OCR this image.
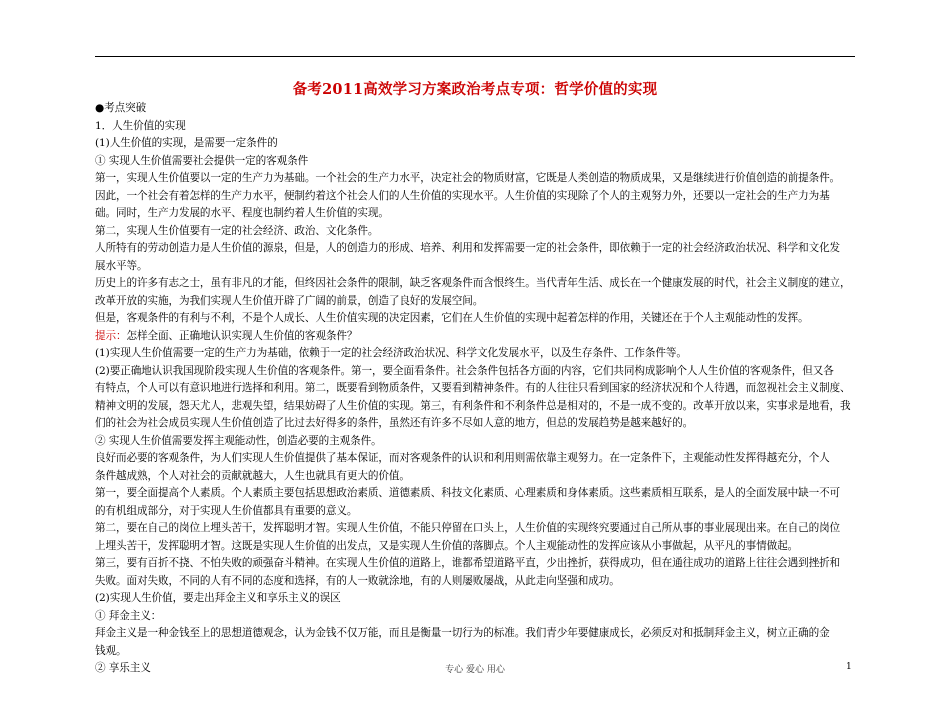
备考2011高效学习方案政治考点专项：哲学价值的实现
●考点突破
1．人生价值的实现
(1)人生价值的实现，是需要一定条件的
① 实现人生价值需要社会提供一定的客观条件
第一，实现人生价值要以一定的生产力为基础。一个社会的生产力水平，决定社会的物质财富，它既是人类创造的物质成果，又是继续进行价值创造的前提条件。
因此，一个社会有着怎样的生产力水平，便制约着这个社会人们的人生价值的实现水平。人生价值的实现除了个人的主观努力外，还要以一定社会的生产力为基
础。同时，生产力发展的水平、程度也制约着人生价值的实现。
第二，实现人生价值要有一定的社会经济、政治、文化条件。
人所特有的劳动创造力是人生价值的源泉，但是，人的创造力的形成、培养、利用和发挥需要一定的社会条件，即依赖于一定的社会经济政治状况、科学和文化发
展水平等。
历史上的许多有志之士，虽有非凡的才能，但终因社会条件的限制，缺乏客观条件而含恨终生。当代青年生活、成长在一个健康发展的时代，社会主义制度的建立，
改革开放的实施，为我们实现人生价值开辟了广阔的前景，创造了良好的发展空间。
但是，客观条件的有利与不利，不是个人成长、人生价值实现的决定因素，它们在人生价值的实现中起着怎样的作用，关键还在于个人主观能动性的发挥。
提示：怎样全面、正确地认识实现人生价值的客观条件？
(1)实现人生价值需要一定的生产力为基础，依赖于一定的社会经济政治状况、科学文化发展水平，以及生存条件、工作条件等。
(2)要正确地认识我国现阶段实现人生价值的客观条件。第一，要全面看条件。社会条件包括各方面的内容，它们共同构成影响个人人生价值的客观条件，但又各
有特点，个人可以有意识地进行选择和利用。第二，既要看到物质条件，又要看到精神条件。有的人往往只看到国家的经济状况和个人待遇，而忽视社会主义制度、
精神文明的发展，怨天尤人，悲观失望，结果妨碍了人生价值的实现。第三，有利条件和不利条件总是相对的，不是一成不变的。改革开放以来，实事求是地看，我
们的社会为社会成员实现人生价值创造了比过去好得多的条件，虽然还有许多不尽如人意的地方，但总的发展趋势是越来越好的。
② 实现人生价值需要发挥主观能动性，创造必要的主观条件。
良好而必要的客观条件，为人们实现人生价值提供了基本保证，而对客观条件的认识和利用则需依靠主观努力。在一定条件下，主观能动性发挥得越充分，个人
条件越成熟，个人对社会的贡献就越大，人生也就具有更大的价值。
第一，要全面提高个人素质。个人素质主要包括思想政治素质、道德素质、科技文化素质、心理素质和身体素质。这些素质相互联系，是人的全面发展中缺一不可
的有机组成部分，对于实现人生价值都具有重要的意义。
第二，要在自己的岗位上埋头苦干，发挥聪明才智。实现人生价值，不能只停留在口头上，人生价值的实现终究要通过自己所从事的事业展现出来。在自己的岗位
上埋头苦干，发挥聪明才智。这既是实现人生价值的出发点，又是实现人生价值的落脚点。个人主观能动性的发挥应该从小事做起，从平凡的事情做起。
第三，要有百折不挠、不怕失败的顽强奋斗精神。在实现人生价值的道路上，谁都希望道路平直，少出挫折，获得成功，但在通往成功的道路上往往会遇到挫折和
失败。面对失败，不同的人有不同的态度和选择，有的人一败就涂地，有的人则屡败屡战，从此走向坚强和成功。
(2)实现人生价值，要走出拜金主义和享乐主义的误区
① 拜金主义：
拜金主义是一种金钱至上的思想道德观念，认为金钱不仅万能，而且是衡量一切行为的标准。我们青少年要健康成长，必须反对和抵制拜金主义，树立正确的金
钱观。
② 享乐主义	专心 爱心 用心	1
